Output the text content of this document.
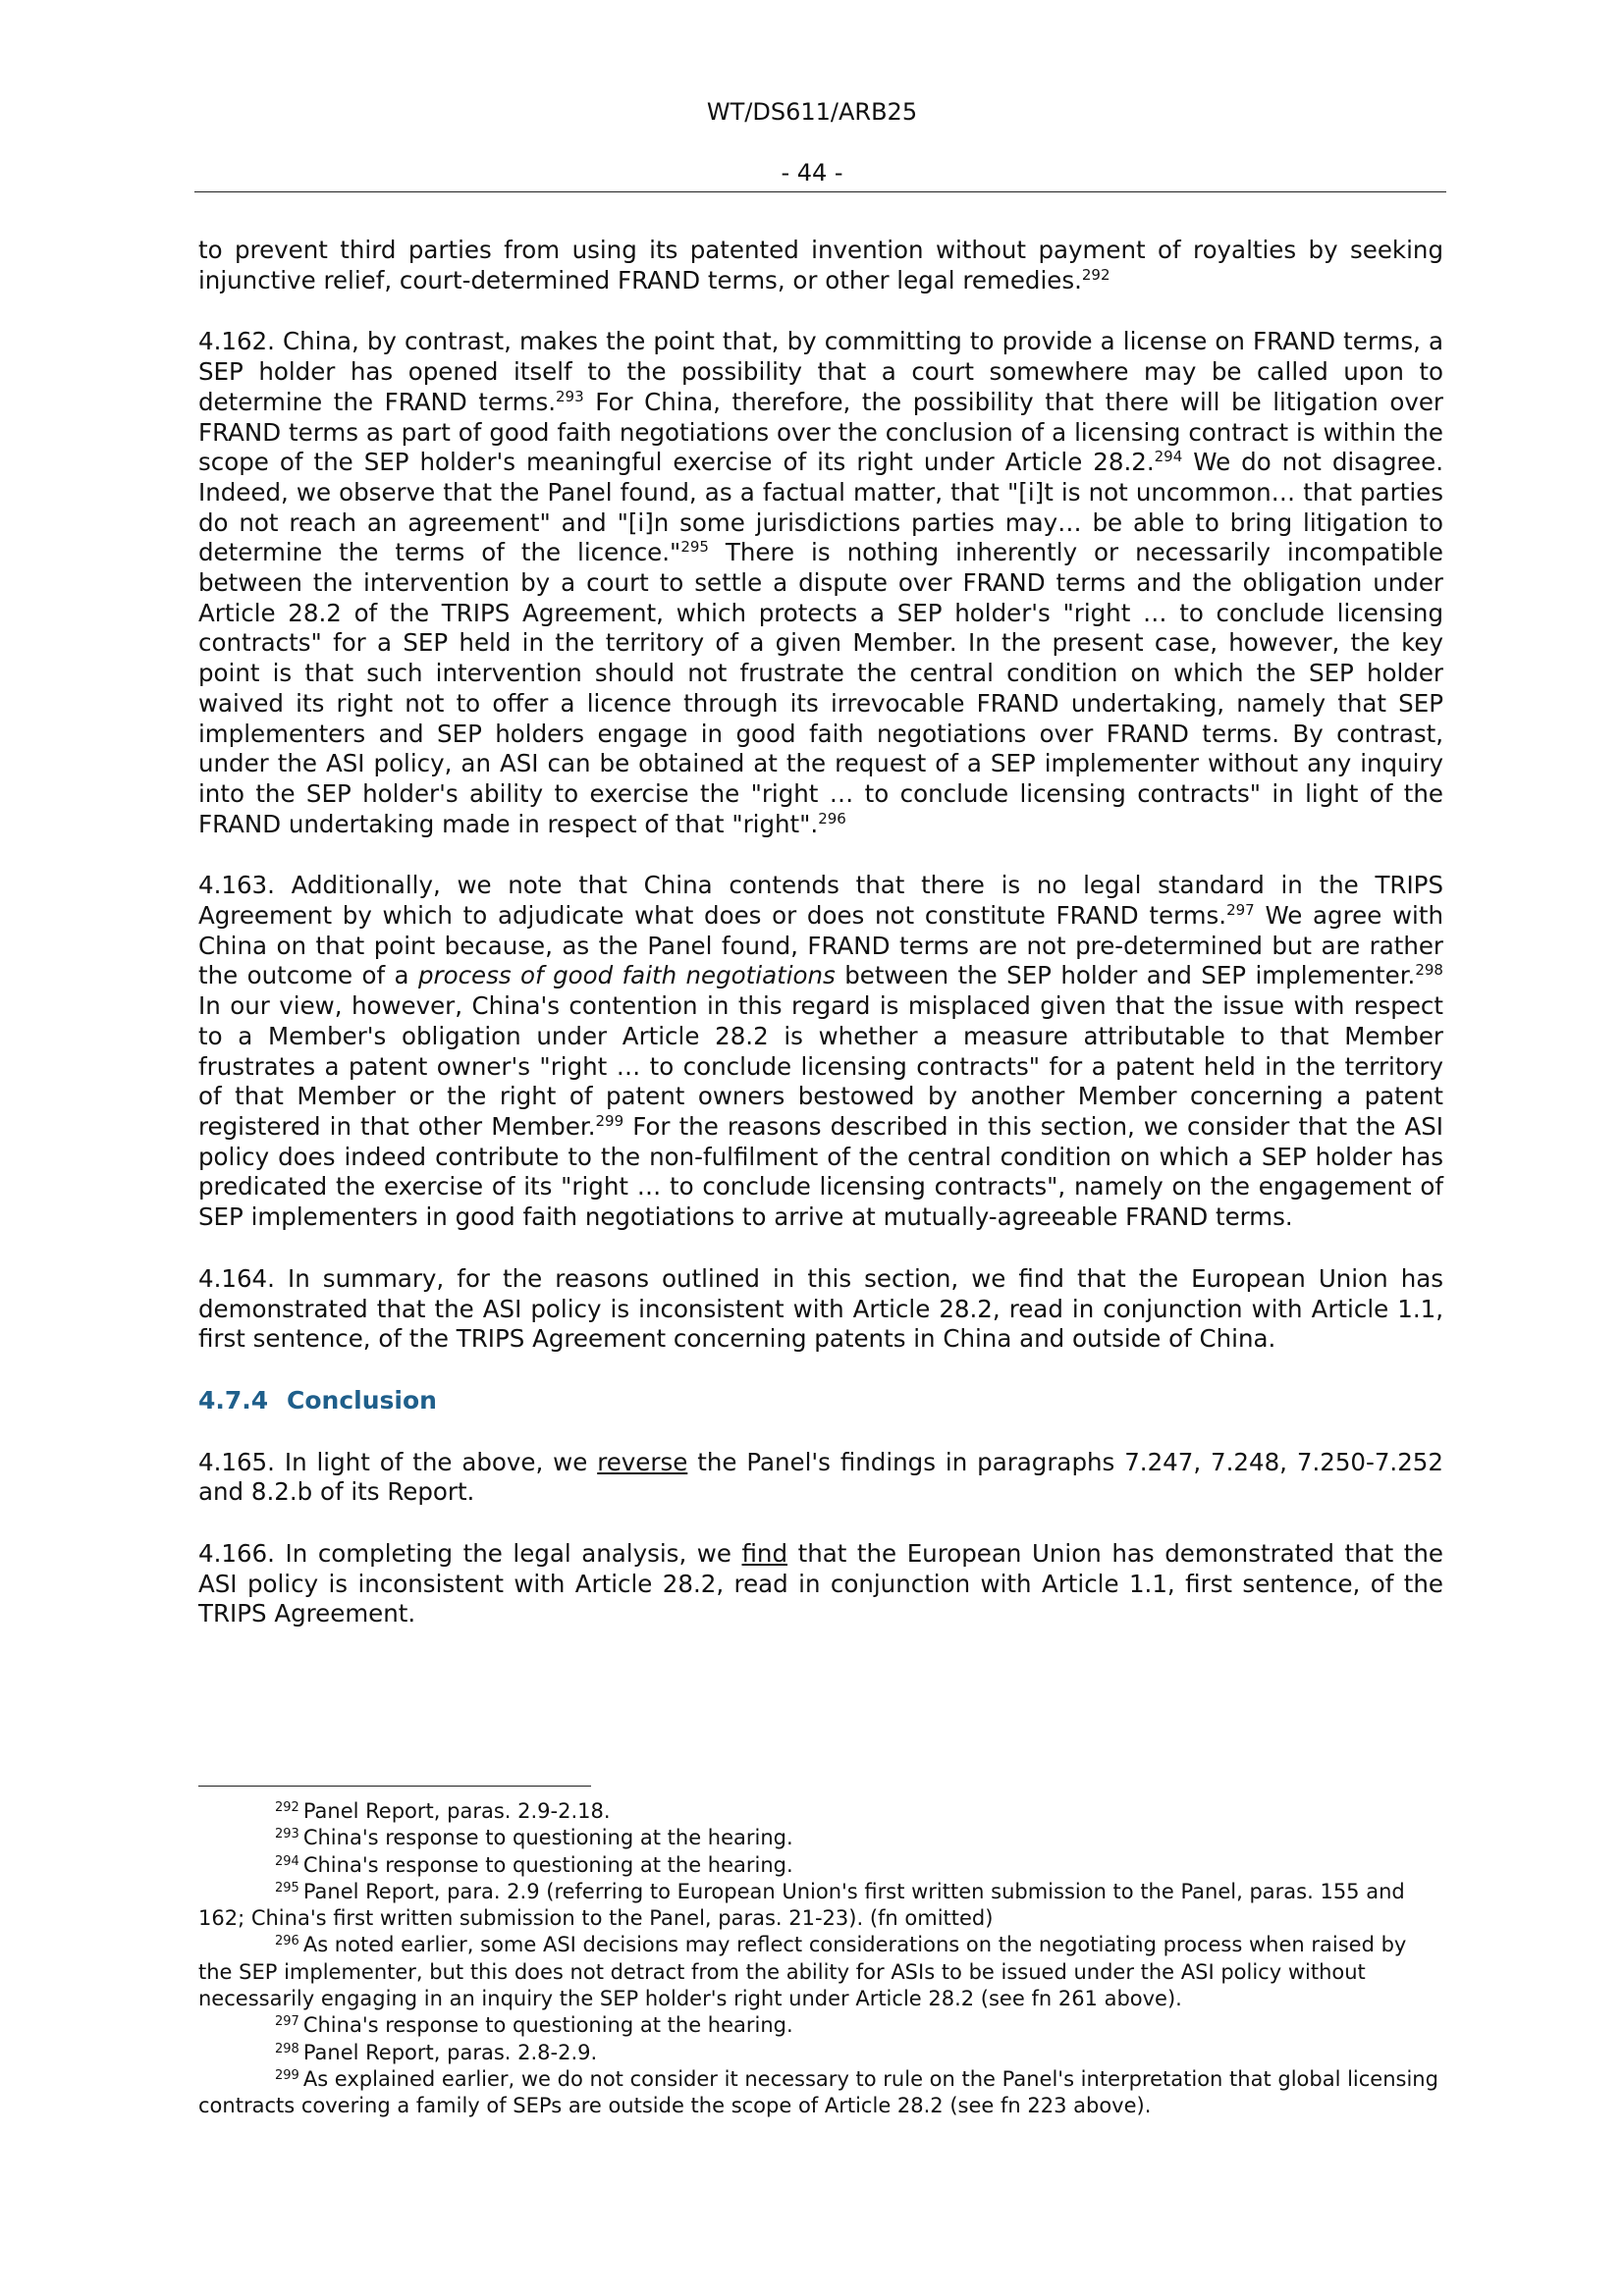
WT/DS611/ARB25
- 44 -

to prevent third parties from using its patented invention without payment of royalties by seeking injunctive relief, court-determined FRAND terms, or other legal remedies.$^{292}$

4.162. China, by contrast, makes the point that, by committing to provide a license on FRAND terms, a SEP holder has opened itself to the possibility that a court somewhere may be called upon to determine the FRAND terms.$^{293}$ For China, therefore, the possibility that there will be litigation over FRAND terms as part of good faith negotiations over the conclusion of a licensing contract is within the scope of the SEP holder's meaningful exercise of its right under Article 28.2.$^{294}$ We do not disagree. Indeed, we observe that the Panel found, as a factual matter, that "[i]t is not uncommon… that parties do not reach an agreement" and "[i]n some jurisdictions parties may… be able to bring litigation to determine the terms of the licence."$^{295}$ There is nothing inherently or necessarily incompatible between the intervention by a court to settle a dispute over FRAND terms and the obligation under Article 28.2 of the TRIPS Agreement, which protects a SEP holder's "right … to conclude licensing contracts" for a SEP held in the territory of a given Member. In the present case, however, the key point is that such intervention should not frustrate the central condition on which the SEP holder waived its right not to offer a licence through its irrevocable FRAND undertaking, namely that SEP implementers and SEP holders engage in good faith negotiations over FRAND terms. By contrast, under the ASI policy, an ASI can be obtained at the request of a SEP implementer without any inquiry into the SEP holder's ability to exercise the "right … to conclude licensing contracts" in light of the FRAND undertaking made in respect of that "right".$^{296}$

4.163. Additionally, we note that China contends that there is no legal standard in the TRIPS Agreement by which to adjudicate what does or does not constitute FRAND terms.$^{297}$ We agree with China on that point because, as the Panel found, FRAND terms are not pre-determined but are rather the outcome of a process of good faith negotiations between the SEP holder and SEP implementer.$^{298}$ In our view, however, China's contention in this regard is misplaced given that the issue with respect to a Member's obligation under Article 28.2 is whether a measure attributable to that Member frustrates a patent owner's "right … to conclude licensing contracts" for a patent held in the territory of that Member or the right of patent owners bestowed by another Member concerning a patent registered in that other Member.$^{299}$ For the reasons described in this section, we consider that the ASI policy does indeed contribute to the non-fulfilment of the central condition on which a SEP holder has predicated the exercise of its "right … to conclude licensing contracts", namely on the engagement of SEP implementers in good faith negotiations to arrive at mutually-agreeable FRAND terms.

4.164. In summary, for the reasons outlined in this section, we find that the European Union has demonstrated that the ASI policy is inconsistent with Article 28.2, read in conjunction with Article 1.1, first sentence, of the TRIPS Agreement concerning patents in China and outside of China.

4.7.4 Conclusion

4.165. In light of the above, we reverse the Panel's findings in paragraphs 7.247, 7.248, 7.250-7.252 and 8.2.b of its Report.

4.166. In completing the legal analysis, we find that the European Union has demonstrated that the ASI policy is inconsistent with Article 28.2, read in conjunction with Article 1.1, first sentence, of the TRIPS Agreement.

$^{292}$ Panel Report, paras. 2.9-2.18.

$^{293}$ China's response to questioning at the hearing.

$^{294}$ China's response to questioning at the hearing.

$^{295}$ Panel Report, para. 2.9 (referring to European Union's first written submission to the Panel, paras. 155 and 162; China's first written submission to the Panel, paras. 21-23). (fn omitted)

$^{296}$ As noted earlier, some ASI decisions may reflect considerations on the negotiating process when raised by the SEP implementer, but this does not detract from the ability for ASIs to be issued under the ASI policy without necessarily engaging in an inquiry the SEP holder's right under Article 28.2 (see fn 261 above).

$^{297}$ China's response to questioning at the hearing.

$^{298}$ Panel Report, paras. 2.8-2.9.

$^{299}$ As explained earlier, we do not consider it necessary to rule on the Panel's interpretation that global licensing contracts covering a family of SEPs are outside the scope of Article 28.2 (see fn 223 above).
